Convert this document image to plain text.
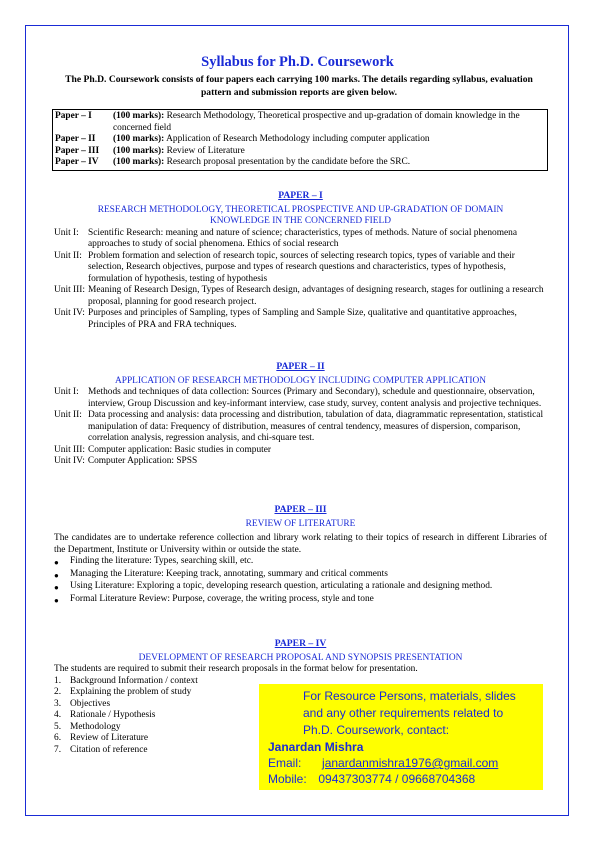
Syllabus for Ph.D. Coursework
The Ph.D. Coursework consists of four papers each carrying 100 marks. The details regarding syllabus, evaluation pattern and submission reports are given below.
Paper – I	(100 marks): Research Methodology, Theoretical prospective and up-gradation of domain knowledge in the concerned field
Paper – II	(100 marks): Application of Research Methodology including computer application
Paper – III	(100 marks): Review of Literature
Paper – IV	(100 marks): Research proposal presentation by the candidate before the SRC.
PAPER – I
RESEARCH METHODOLOGY, THEORETICAL PROSPECTIVE AND UP-GRADATION OF DOMAIN KNOWLEDGE IN THE CONCERNED FIELD
Unit I: Scientific Research: meaning and nature of science; characteristics, types of methods. Nature of social phenomena approaches to study of social phenomena. Ethics of social research
Unit II: Problem formation and selection of research topic, sources of selecting research topics, types of variable and their selection, Research objectives, purpose and types of research questions and characteristics, types of hypothesis, formulation of hypothesis, testing of hypothesis
Unit III: Meaning of Research Design, Types of Research design, advantages of designing research, stages for outlining a research proposal, planning for good research project.
Unit IV: Purposes and principles of Sampling, types of Sampling and Sample Size, qualitative and quantitative approaches, Principles of PRA and FRA techniques.
PAPER – II
APPLICATION OF RESEARCH METHODOLOGY INCLUDING COMPUTER APPLICATION
Unit I: Methods and techniques of data collection: Sources (Primary and Secondary), schedule and questionnaire, observation, interview, Group Discussion and key-informant interview, case study, survey, content analysis and projective techniques.
Unit II: Data processing and analysis: data processing and distribution, tabulation of data, diagrammatic representation, statistical manipulation of data: Frequency of distribution, measures of central tendency, measures of dispersion, comparison, correlation analysis, regression analysis, and chi-square test.
Unit III: Computer application: Basic studies in computer
Unit IV: Computer Application: SPSS
PAPER – III
REVIEW OF LITERATURE
The candidates are to undertake reference collection and library work relating to their topics of research in different Libraries of the Department, Institute or University within or outside the state.
●	Finding the literature: Types, searching skill, etc.
●	Managing the Literature: Keeping track, annotating, summary and critical comments
●	Using Literature: Exploring a topic, developing research question, articulating a rationale and designing method.
●	Formal Literature Review: Purpose, coverage, the writing process, style and tone
PAPER – IV
DEVELOPMENT OF RESEARCH PROPOSAL AND SYNOPSIS PRESENTATION
The students are required to submit their research proposals in the format below for presentation.
1. Background Information / context
2. Explaining the problem of study
3. Objectives
4. Rationale / Hypothesis
5. Methodology
6. Review of Literature
7. Citation of reference
For Resource Persons, materials, slides
and any other requirements related to
Ph.D. Coursework, contact:
Janardan Mishra
Email: janardanmishra1976@gmail.com
Mobile: 09437303774 / 09668704368
